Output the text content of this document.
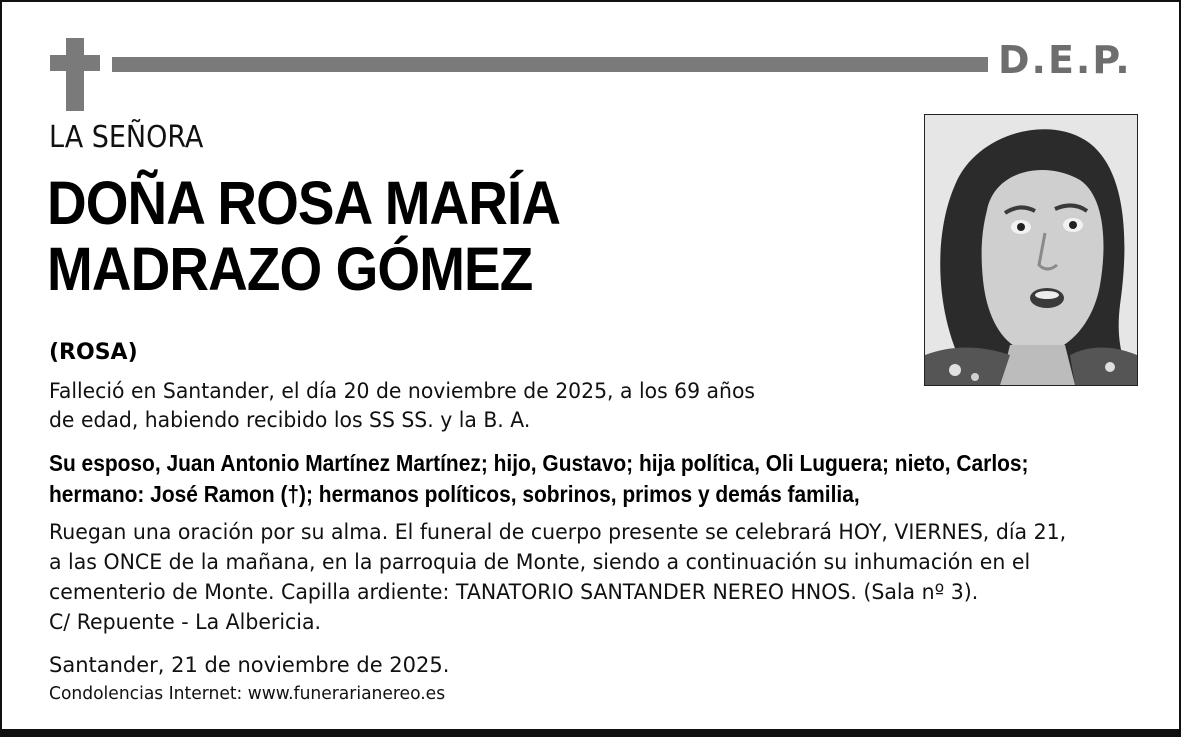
D.E.P.
LA SEÑORA
DOÑA ROSA MARÍA
MADRAZO GÓMEZ
(ROSA)
Falleció en Santander, el día 20 de noviembre de 2025, a los 69 años
de edad, habiendo recibido los SS SS. y la B. A.
Su esposo, Juan Antonio Martínez Martínez; hijo, Gustavo; hija política, Oli Luguera; nieto, Carlos;
hermano: José Ramon (†); hermanos políticos, sobrinos, primos y demás familia,
Ruegan una oración por su alma. El funeral de cuerpo presente se celebrará HOY, VIERNES, día 21,
a las ONCE de la mañana, en la parroquia de Monte, siendo a continuación su inhumación en el
cementerio de Monte. Capilla ardiente: TANATORIO SANTANDER NEREO HNOS. (Sala nº 3).
C/ Repuente - La Albericia.
Santander, 21 de noviembre de 2025.
Condolencias Internet: www.funerarianereo.es
